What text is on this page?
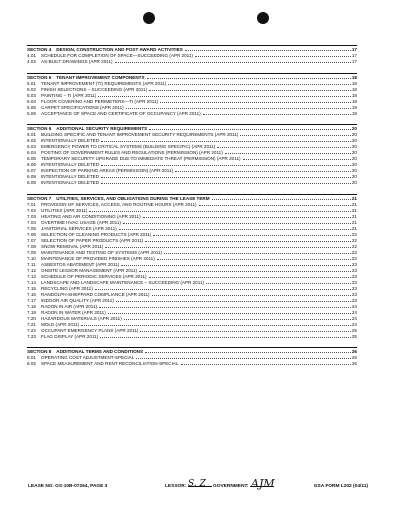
SECTION 4 DESIGN, CONSTRUCTION AND POST AWARD ACTIVITIES	17
4.01	SCHEDULE FOR COMPLETION OF SPACE—SUCCEEDING (APR 2011)	17
4.02	AS-BUILT DRAWINGS (APR 2011)	17
SECTION 5 TENANT IMPROVEMENT COMPONENTS	18
5.01	TENANT IMPROVEMENT (TI) REQUIREMENTS (APR 2011)	18
5.02	FINISH SELECTIONS – SUCCEEDING (APR 2011)	18
5.03	PAINTING – TI (APR 2011)	18
5.04	FLOOR COVERING AND PERIMETERS—TI (APR 2011)	18
5.05	CARPET SPECIFICATIONS (APR 2011)	19
5.06	ACCEPTANCE OF SPACE AND CERTIFICATE OF OCCUPANCY (APR 2011)	19
SECTION 6 ADDITIONAL SECURITY REQUIREMENTS	20
6.01	BUILDING SPECIFIC AND TENANT IMPROVEMENT SECURITY REQUIREMENTS (APR 2011)	20
6.02	INTENTIONALLY DELETED	20
6.03	EMERGENCY POWER TO CRITICAL SYSTEMS (BUILDING SPECIFIC) (APR 2011)	20
6.04	POSTING OF GOVERNMENT RULES AND REGULATIONS (PERMISSION) (APR 2011)	20
6.05	TEMPORARY SECURITY UPGRADE DUE TO IMMEDIATE THREAT (PERMISSION) (APR 2011)	20
6.06	INTENTIONALLY DELETED	20
6.07	INSPECTION OF PARKING AREAS (PERMISSION) (APR 2011)	20
6.08	INTENTIONALLY DELETED	20
6.09	INTENTIONALLY DELETED	20
SECTION 7 UTILITIES, SERVICES, AND OBLIGATIONS DURING THE LEASE TERM	21
7.01	PROVISION OF SERVICES, ACCESS, AND ROUTINE HOURS (APR 2011)	21
7.02	UTILITIES (APR 2011)	21
7.03	HEATING AND AIR CONDITIONING (APR 2011)	21
7.04	OVERTIME HVAC USAGE (APR 2011)	21
7.05	JANITORIAL SERVICES (APR 2011)	21
7.06	SELECTION OF CLEANING PRODUCTS (APR 2011)	22
7.07	SELECTION OF PAPER PRODUCTS (APR 2011)	22
7.08	SNOW REMOVAL (APR 2011)	22
7.09	MAINTENANCE AND TESTING OF SYSTEMS (APR 2011)	22
7.10	MAINTENANCE OF PROVIDED FINISHES (APR 2011)	22
7.11	ASBESTOS ABATEMENT (APR 2011)	23
7.12	ONSITE LESSOR MANAGEMENT (APR 2011)	23
7.13	SCHEDULE OF PERIODIC SERVICES (APR 2011)	23
7.14	LANDSCAPE AND LANDSCAPE MAINTENANCE – SUCCEEDING (APR 2011)	23
7.15	RECYCLING (APR 2011)	23
7.16	RANDOLPH-SHEPPARD COMPLIANCE (APR 2011)	23
7.17	INDOOR AIR QUALITY (APR 2011)	23
7.18	RADON IN AIR (APR 2011)	24
7.19	RADON IN WATER (APR 2011)	24
7.20	HAZARDOUS MATERIALS (APR 2011)	24
7.21	MOLD (APR 2011)	24
7.22	OCCUPANT EMERGENCY PLANS (APR 2011)	25
7.23	FLAG DISPLAY (APR 2011)	25
SECTION 8 ADDITIONAL TERMS AND CONDITIONS	26
8.01	OPERATING COST ADJUSTMENT-SPECIAL	26
8.02	SPACE MEASUREMENT AND RENT RECONCILIATION-SPECIAL	26
LEASE NO. GS-10B-07264, PAGE 3	LESSOR:	GOVERNMENT:
S. Z	AJM	GSA FORM L202 (04/11)
